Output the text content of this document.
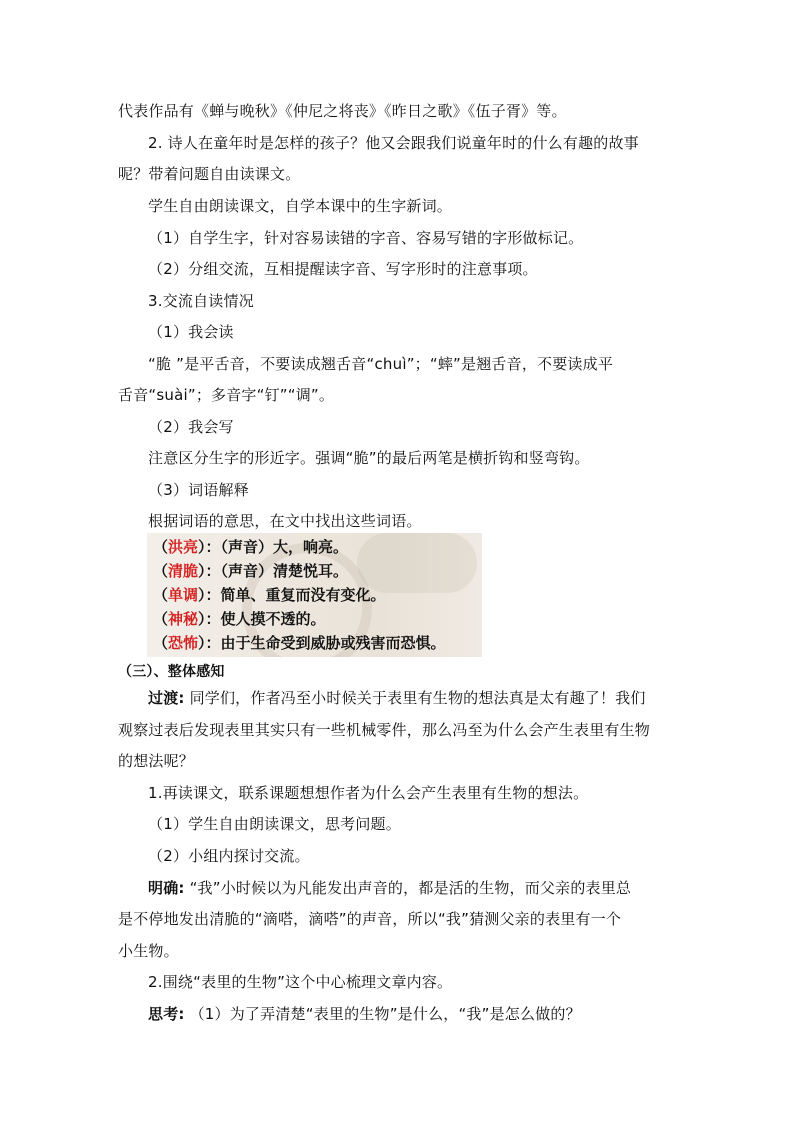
代表作品有《蝉与晚秋》《仲尼之将丧》《昨日之歌》《伍子胥》等。
2. 诗人在童年时是怎样的孩子？他又会跟我们说童年时的什么有趣的故事
呢？带着问题自由读课文。
学生自由朗读课文，自学本课中的生字新词。
（1）自学生字，针对容易读错的字音、容易写错的字形做标记。
（2）分组交流，互相提醒读字音、写字形时的注意事项。
3.交流自读情况
（1）我会读
“脆 ”是平舌音，不要读成翘舌音“chuì”；“蟀”是翘舌音，不要读成平
舌音“suài”；多音字“钉”“调”。
（2）我会写
注意区分生字的形近字。强调“脆”的最后两笔是横折钩和竖弯钩。
（3）词语解释
根据词语的意思，在文中找出这些词语。
（洪亮）：（声音）大，响亮。
（清脆）：（声音）清楚悦耳。
（单调）：简单、重复而没有变化。
（神秘）：使人摸不透的。
（恐怖）：由于生命受到威胁或残害而恐惧。
（三）、整体感知
过渡: 同学们，作者冯至小时候关于表里有生物的想法真是太有趣了！我们
观察过表后发现表里其实只有一些机械零件，那么冯至为什么会产生表里有生物
的想法呢？
1.再读课文，联系课题想想作者为什么会产生表里有生物的想法。
（1）学生自由朗读课文，思考问题。
（2）小组内探讨交流。
明确: “我”小时候以为凡能发出声音的，都是活的生物，而父亲的表里总
是不停地发出清脆的“滴嗒，滴嗒”的声音，所以“我”猜测父亲的表里有一个
小生物。
2.围绕“表里的生物”这个中心梳理文章内容。
思考: （1）为了弄清楚“表里的生物”是什么，“我”是怎么做的？
